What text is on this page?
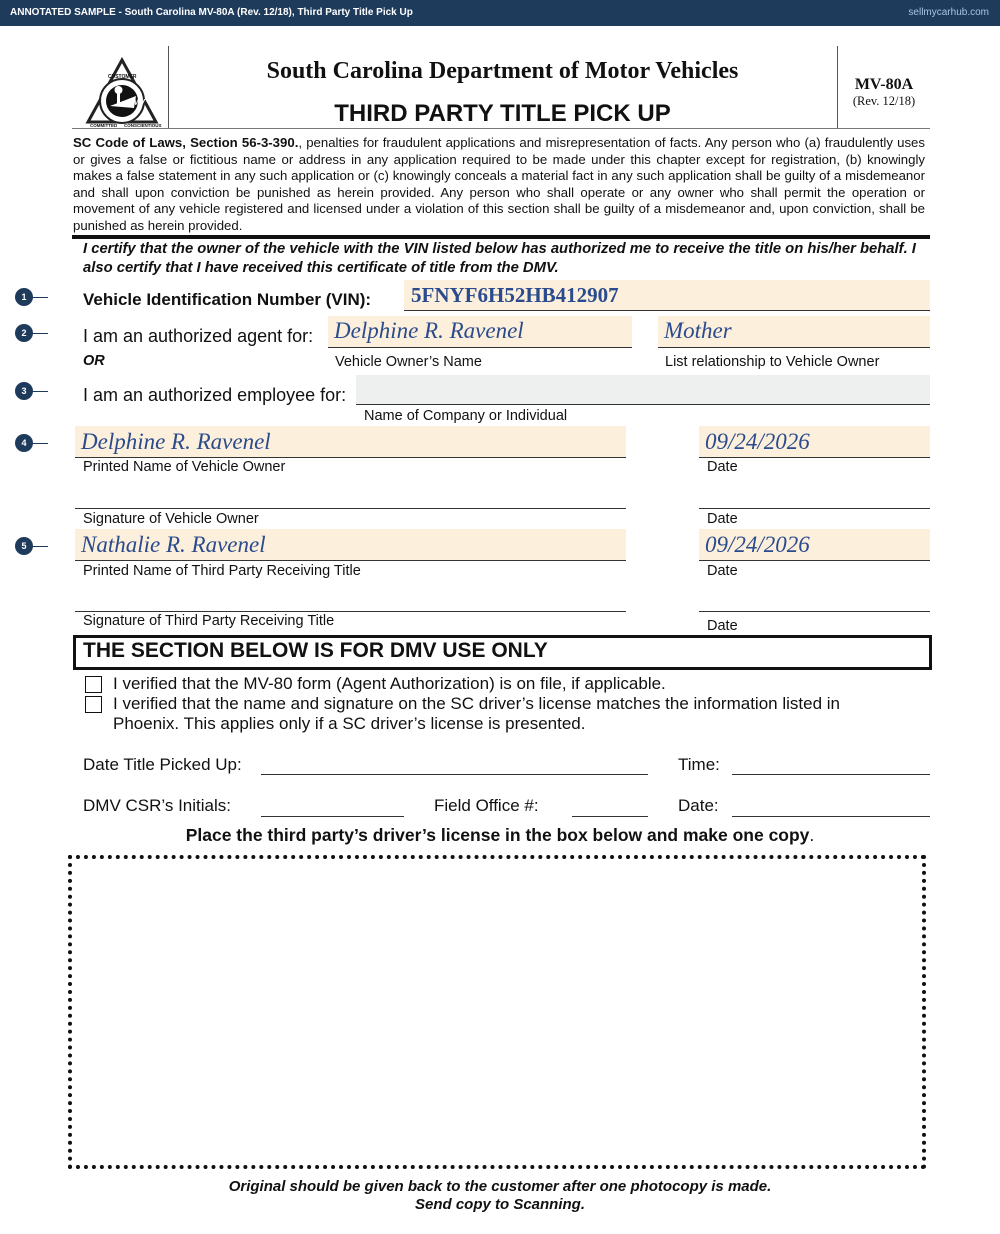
ANNOTATED SAMPLE - South Carolina MV-80A (Rev. 12/18), Third Party Title Pick Up	sellmycarhub.com
CUSTOMER
COMMITTED CONSCIENTIOUS
DMV
South Carolina Department of Motor Vehicles
THIRD PARTY TITLE PICK UP
MV-80A
(Rev. 12/18)
SC Code of Laws, Section 56-3-390., penalties for fraudulent applications and misrepresentation of facts. Any person who (a) fraudulently uses or gives a false or fictitious name or address in any application required to be made under this chapter except for registration, (b) knowingly makes a false statement in any such application or (c) knowingly conceals a material fact in any such application shall be guilty of a misdemeanor and shall upon conviction be punished as herein provided. Any person who shall operate or any owner who shall permit the operation or movement of any vehicle registered and licensed under a violation of this section shall be guilty of a misdemeanor and, upon conviction, shall be punished as herein provided.
I certify that the owner of the vehicle with the VIN listed below has authorized me to receive the title on his/her behalf. I also certify that I have received this certificate of title from the DMV.
1
2
3
4
5
Vehicle Identification Number (VIN): 5FNYF6H52HB412907
I am an authorized agent for: Delphine R. Ravenel	Mother
OR	Vehicle Owner’s Name	List relationship to Vehicle Owner
I am an authorized employee for:
Name of Company or Individual
Delphine R. Ravenel
Printed Name of Vehicle Owner
09/24/2026
Date
Signature of Vehicle Owner	Date
Nathalie R. Ravenel
Printed Name of Third Party Receiving Title
09/24/2026
Date
Signature of Third Party Receiving Title	Date
THE SECTION BELOW IS FOR DMV USE ONLY
I verified that the MV-80 form (Agent Authorization) is on file, if applicable.
I verified that the name and signature on the SC driver’s license matches the information listed in
Phoenix. This applies only if a SC driver’s license is presented.
Date Title Picked Up:	Time:
DMV CSR’s Initials:	Field Office #:	Date:
Place the third party’s driver’s license in the box below and make one copy.
Original should be given back to the customer after one photocopy is made.
Send copy to Scanning.
